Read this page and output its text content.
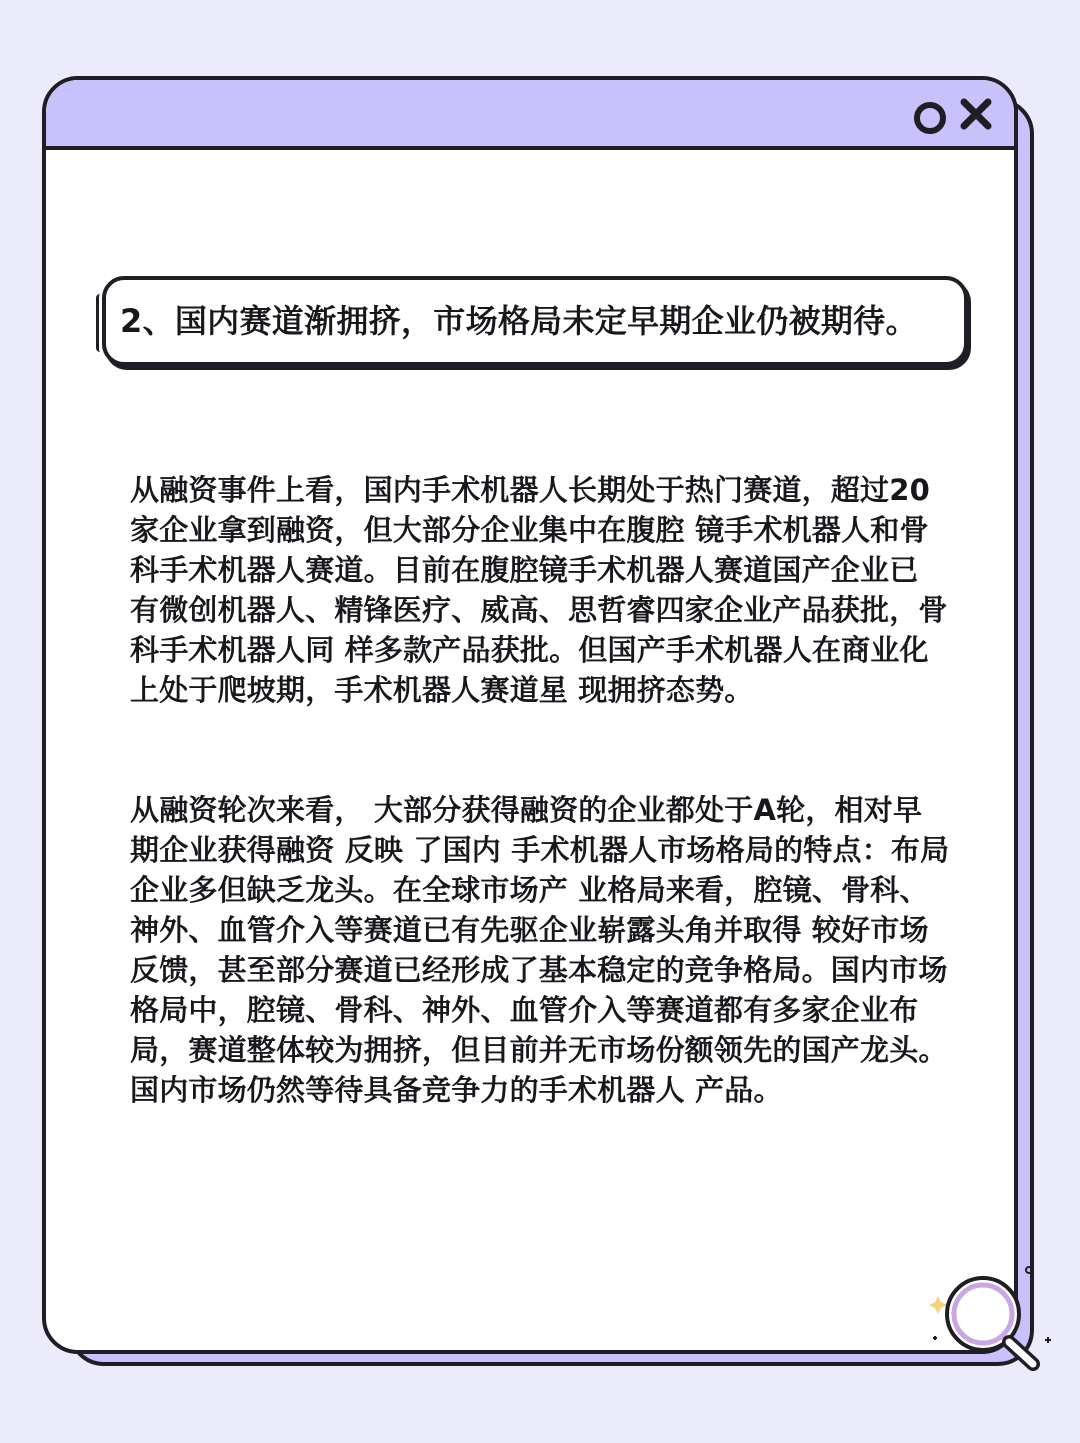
2、国内赛道渐拥挤，市场格局未定早期企业仍被期待。

从融资事件上看，国内手术机器人长期处于热门赛道，超过20 家企业拿到融资，但大部分企业集中在腹腔 镜手术机器人和骨科手术机器人赛道。目前在腹腔镜手术机器人赛道国产企业已 有微创机器人、精锋医疗、威高、思哲睿四家企业产品获批，骨科手术机器人同 样多款产品获批。但国产手术机器人在商业化上处于爬坡期，手术机器人赛道星 现拥挤态势。

从融资轮次来看， 大部分获得融资的企业都处于A轮，相对早期企业获得融资 反映 了国内 手术机器人市场格局的特点：布局企业多但缺乏龙头。在全球市场产 业格局来看，腔镜、骨科、神外、血管介入等赛道已有先驱企业崭露头角并取得 较好市场反馈，甚至部分赛道已经形成了基本稳定的竞争格局。国内市场格局中，腔镜、骨科、神外、血管介入等赛道都有多家企业布局，赛道整体较为拥挤，但目前并无市场份额领先的国产龙头。国内市场仍然等待具备竞争力的手术机器人 产品。
